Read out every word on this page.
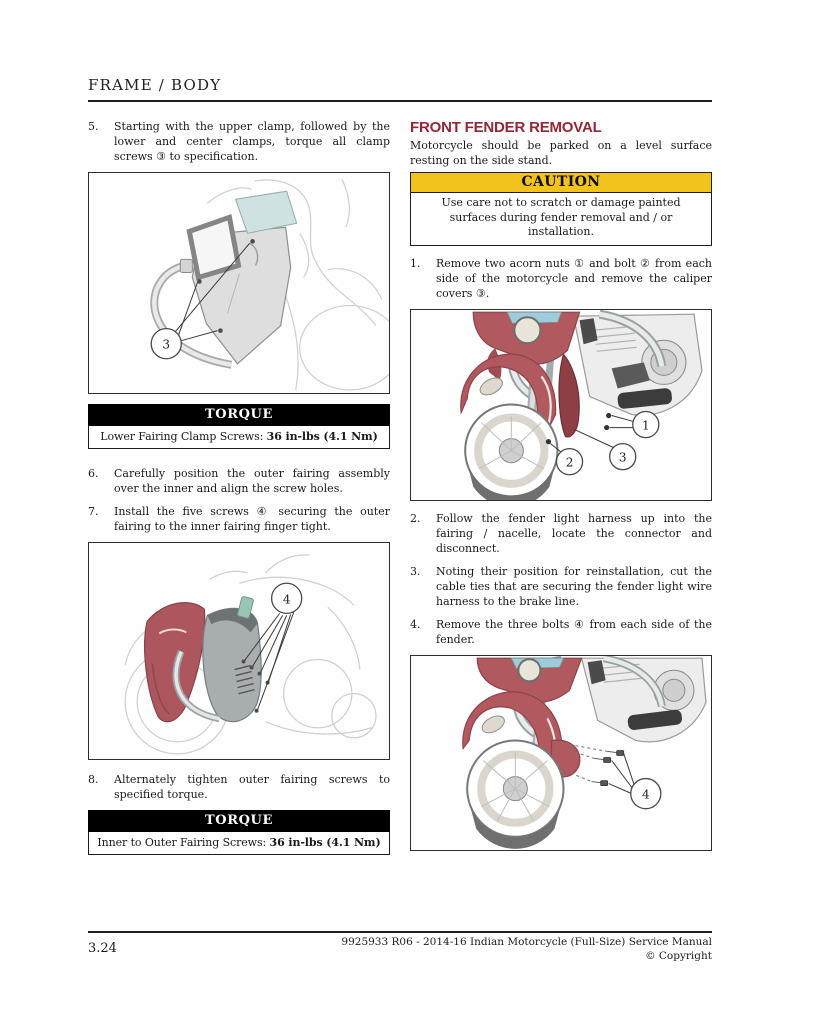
FRAME / BODY
5.	Starting with the upper clamp, followed by the lower and center clamps, torque all clamp screws ③ to specification.
3
TORQUE
Lower Fairing Clamp Screws: 36 in-lbs (4.1 Nm)
6.	Carefully position the outer fairing assembly over the inner and align the screw holes.
7.	Install the five screws ④ securing the outer fairing to the inner fairing finger tight.
4
8.	Alternately tighten outer fairing screws to specified torque.
TORQUE
Inner to Outer Fairing Screws: 36 in-lbs (4.1 Nm)
FRONT FENDER REMOVAL
Motorcycle should be parked on a level surface resting on the side stand.
CAUTION
Use care not to scratch or damage painted surfaces during fender removal and / or installation.
1.	Remove two acorn nuts ① and bolt ② from each side of the motorcycle and remove the caliper covers ③.
1
2	3
2.	Follow the fender light harness up into the fairing / nacelle, locate the connector and disconnect.
3.	Noting their position for reinstallation, cut the cable ties that are securing the fender light wire harness to the brake line.
4.	Remove the three bolts ④ from each side of the fender.
4
3.24	9925933 R06 - 2014-16 Indian Motorcycle (Full-Size) Service Manual
© Copyright
